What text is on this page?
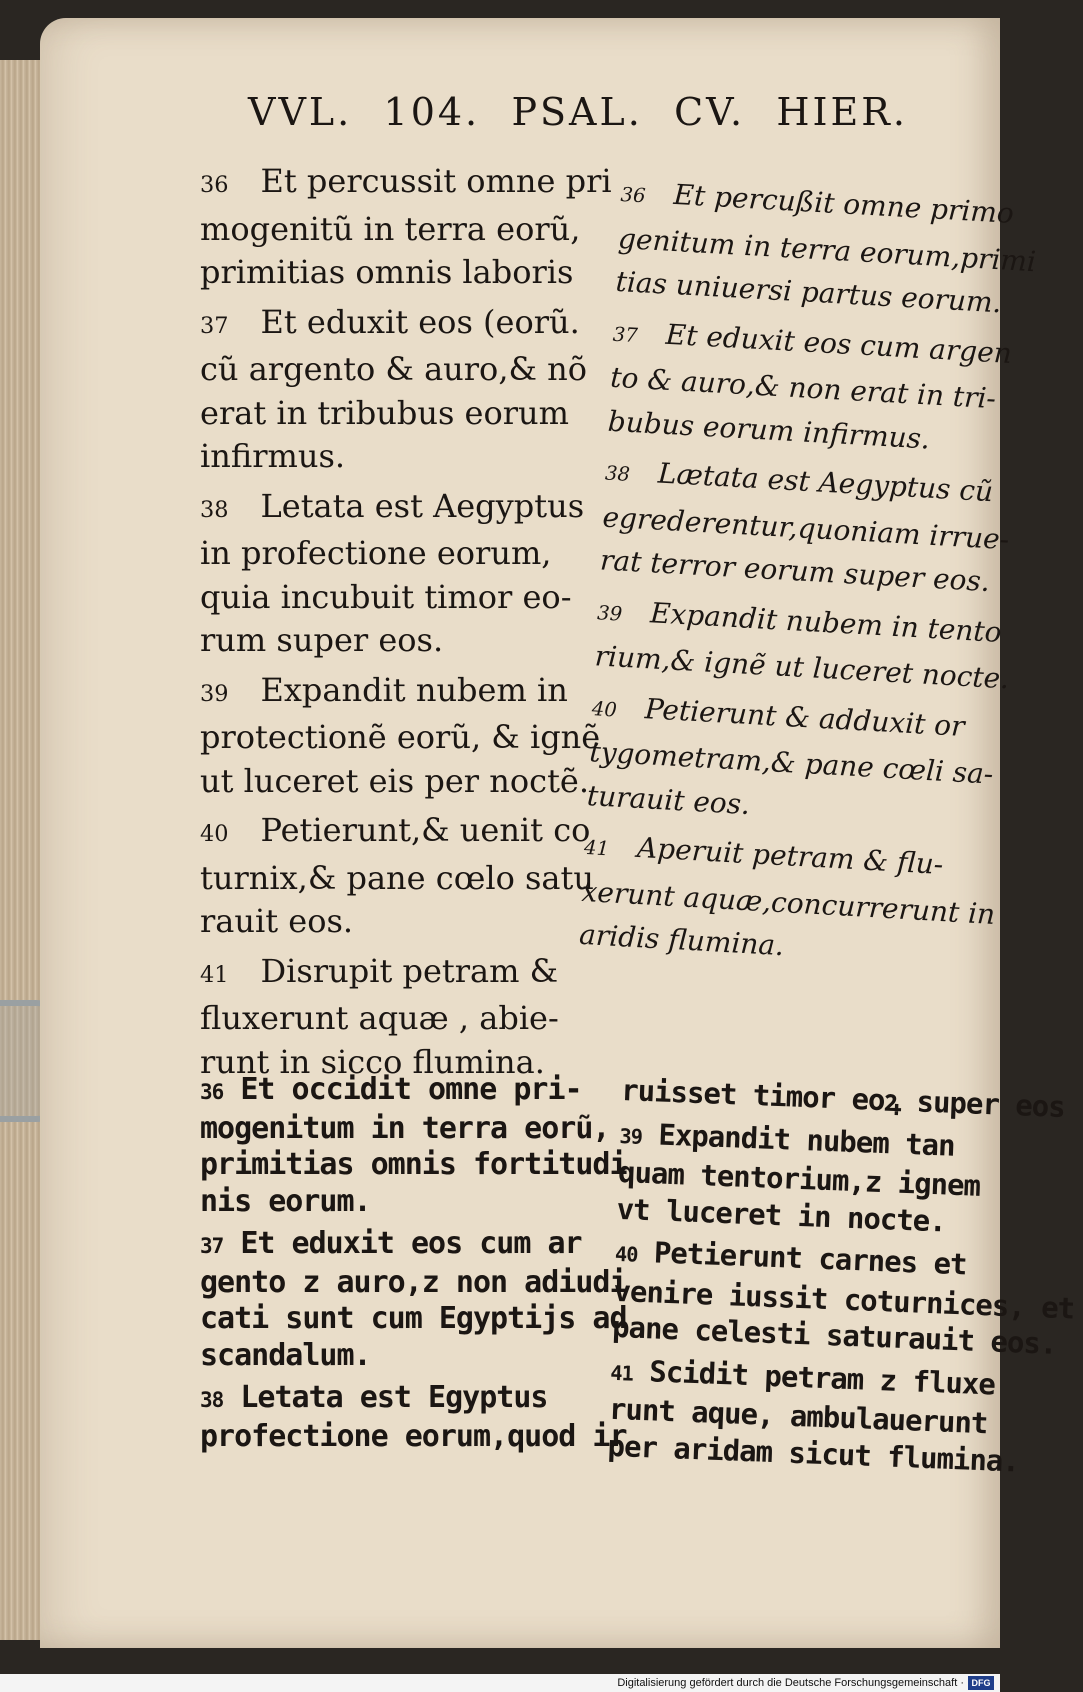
VVL. 104. PSAL. CV. HIER.
36  Et percussit omne pri
mogenitũ in terra eorũ,
primitias omnis laboris
37  Et eduxit eos (eorũ.
cũ argento & auro,& nõ
erat in tribubus eorum
infirmus.
38  Letata est Aegyptus
in profectione eorum,
quia incubuit timor eo-
rum super eos.
39  Expandit nubem in
protectionẽ eorũ, & ignẽ
ut luceret eis per noctẽ.
40  Petierunt,& uenit co
turnix,& pane cœlo satu
rauit eos.
41  Disrupit petram &
fluxerunt aquæ , abie-
runt in sicco flumina.
36  Et percußit omne primo
genitum in terra eorum,primi
tias uniuersi partus eorum.
37  Et eduxit eos cum argen
to & auro,& non erat in tri-
bubus eorum infirmus.
38  Lætata est Aegyptus cũ
egrederentur,quoniam irrue-
rat terror eorum super eos.
39  Expandit nubem in tento
rium,& ignẽ ut luceret nocte.
40  Petierunt & adduxit or
tygometram,& pane cœli sa-
turauit eos.
41  Aperuit petram & flu-
xerunt aquæ,concurrerunt in
aridis flumina.
36  Et occidit omne pri-
mogenitum in terra eorũ,
primitias omnis fortitudi
nis eorum.
37  Et eduxit eos cum ar
gento z auro,z non adiudi
cati sunt cum Egyptijs ad
scandalum.
38  Letata est Egyptus
profectione eorum,quod ir
ruisset timor eoꝝ super eos
39  Expandit nubem tan
quam tentorium,z ignem
vt luceret in nocte.
40  Petierunt carnes et
venire iussit coturnices, et
pane celesti saturauit eos.
41  Scidit petram z fluxe
runt aque, ambulauerunt
per aridam sicut flumina.
Digitalisierung gefördert durch die Deutsche Forschungsgemeinschaft · DFG
